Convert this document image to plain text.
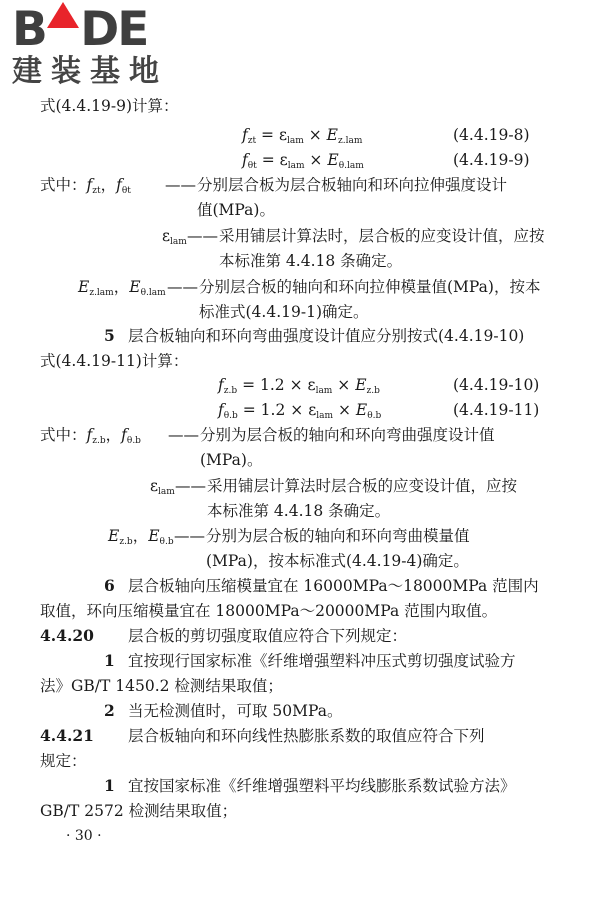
B DE
建装基地
式(4.4.19-9)计算：
$f_{zt} = \varepsilon_{lam} \times E_{z.lam}$	(4.4.19-8)
$f_{\theta t} = \varepsilon_{lam} \times E_{\theta.lam}$	(4.4.19-9)
式中：$f_{zt}$，$f_{\theta t}$ —— 分别层合板为层合板轴向和环向拉伸强度设计
值(MPa)。
$\varepsilon_{lam}$ —— 采用铺层计算法时，层合板的应变设计值，应按
本标准第 4.4.18 条确定。
$E_{z.lam}$，$E_{\theta.lam}$ —— 分别层合板的轴向和环向拉伸模量值(MPa)，按本
标准式(4.4.19-1)确定。
5 层合板轴向和环向弯曲强度设计值应分别按式(4.4.19-10)
式(4.4.19-11)计算：
$f_{z.b} = 1.2 \times \varepsilon_{lam} \times E_{z.b}$	(4.4.19-10)
$f_{\theta.b} = 1.2 \times \varepsilon_{lam} \times E_{\theta.b}$	(4.4.19-11)
式中：$f_{z.b}$，$f_{\theta.b}$ —— 分别为层合板的轴向和环向弯曲强度设计值
(MPa)。
$\varepsilon_{lam}$ —— 采用铺层计算法时层合板的应变设计值，应按
本标准第 4.4.18 条确定。
$E_{z.b}$，$E_{\theta.b}$ —— 分别为层合板的轴向和环向弯曲模量值
(MPa)，按本标准式(4.4.19-4)确定。
6 层合板轴向压缩模量宜在 16000MPa～18000MPa 范围内
取值，环向压缩模量宜在 18000MPa～20000MPa 范围内取值。
4.4.20 层合板的剪切强度取值应符合下列规定：
1 宜按现行国家标准《纤维增强塑料冲压式剪切强度试验方
法》GB/T 1450.2 检测结果取值；
2 当无检测值时，可取 50MPa。
4.4.21 层合板轴向和环向线性热膨胀系数的取值应符合下列
规定：
1 宜按国家标准《纤维增强塑料平均线膨胀系数试验方法》
GB/T 2572 检测结果取值；
· 30 ·
